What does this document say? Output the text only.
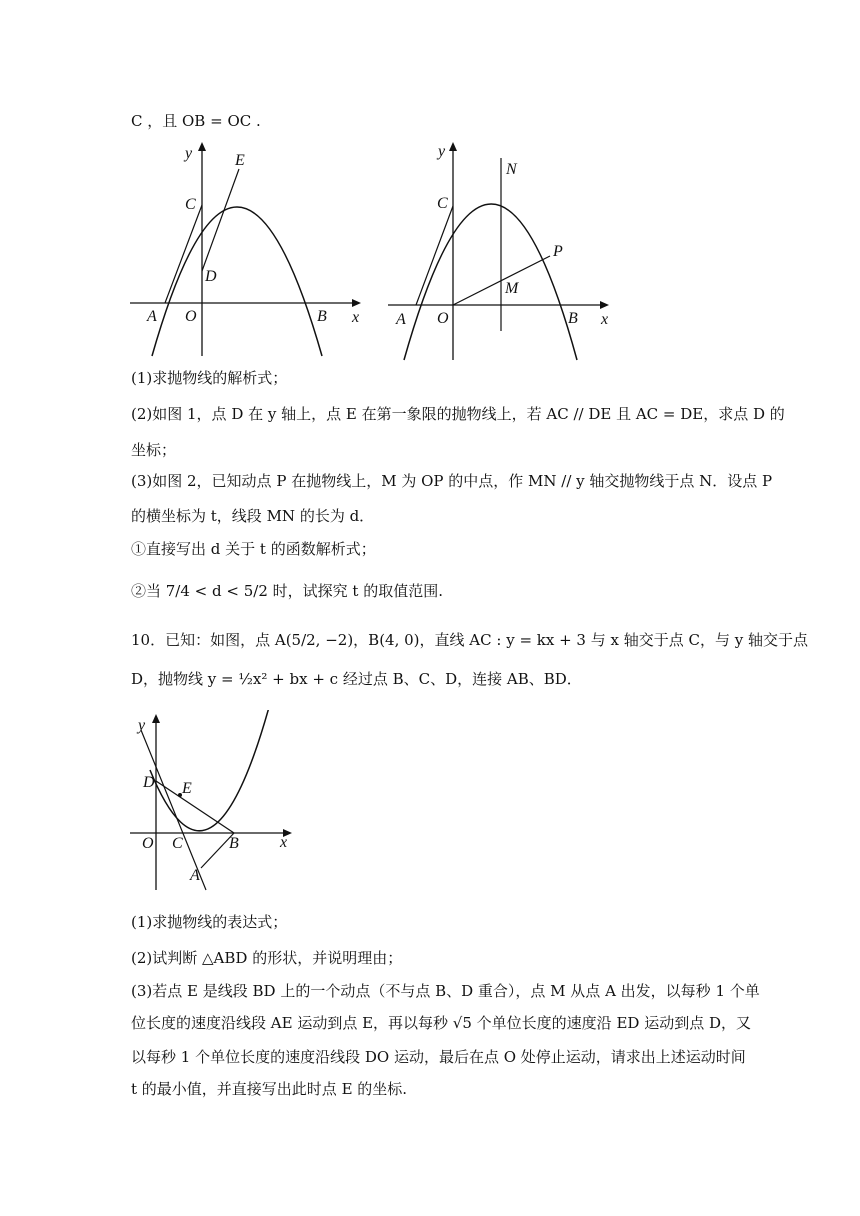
C ，且 OB = OC .
y
x
E
C
D
A O	B
y
x
N
C
P
M
A O	B
(1)求抛物线的解析式；
(2)如图 1，点 D 在 y 轴上，点 E 在第一象限的抛物线上，若 AC // DE 且 AC = DE，求点 D 的
坐标；
(3)如图 2，已知动点 P 在抛物线上，M 为 OP 的中点，作 MN // y 轴交抛物线于点 N．设点 P
的横坐标为 t，线段 MN 的长为 d．
①直接写出 d 关于 t 的函数解析式；
②当 7/4 < d < 5/2 时，试探究 t 的取值范围.
10．已知：如图，点 A(5/2, −2)，B(4, 0)，直线 AC : y = kx + 3 与 x 轴交于点 C，与 y 轴交于点
D，抛物线 y = ½x² + bx + c 经过点 B、C、D，连接 AB、BD．
y
x
D E
O C	B
A
(1)求抛物线的表达式；
(2)试判断 △ABD 的形状，并说明理由；
(3)若点 E 是线段 BD 上的一个动点（不与点 B、D 重合），点 M 从点 A 出发，以每秒 1 个单
位长度的速度沿线段 AE 运动到点 E，再以每秒 √5 个单位长度的速度沿 ED 运动到点 D，又
以每秒 1 个单位长度的速度沿线段 DO 运动，最后在点 O 处停止运动，请求出上述运动时间
t 的最小值，并直接写出此时点 E 的坐标.
